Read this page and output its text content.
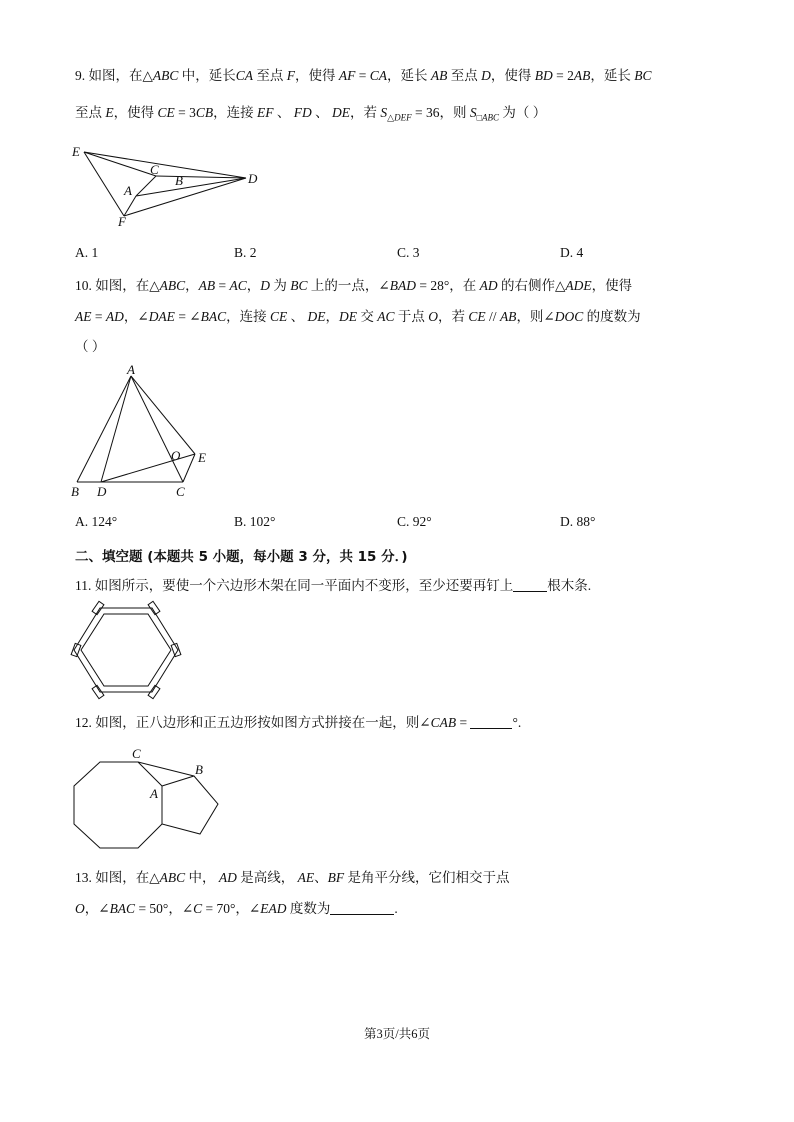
9. 如图，在△ABC 中，延长CA 至点 F，使得 AF = CA，延长 AB 至点 D，使得 BD = 2AB，延长 BC
至点 E，使得 CE = 3CB，连接 EF 、 FD 、 DE，若 $S_{\triangle DEF} = 36$，则 $S_{□ABC}$ 为（ ）
E
C
B	D
A
F
A. 1	B. 2	C. 3	D. 4
10. 如图，在△ABC，AB = AC，D 为 BC 上的一点，∠BAD = 28°，在 AD 的右侧作△ADE，使得
AE = AD，∠DAE = ∠BAC，连接 CE 、 DE，DE 交 AC 于点 O，若 CE // AB，则∠DOC 的度数为
（ ）
A
O E
B D	C
A. 124°	B. 102°	C. 92°	D. 88°
二、填空题 (本题共 5 小题，每小题 3 分，共 15 分．)
11. 如图所示，要使一个六边形木架在同一平面内不变形，至少还要再钉上	根木条.
12. 如图，正八边形和正五边形按如图方式拼接在一起，则∠CAB =	°.
C
B
A
13. 如图，在△ABC 中， AD 是高线， AE、BF 是角平分线，它们相交于点
O，∠BAC = 50°，∠C = 70°，∠EAD 度数为	.
第3页/共6页
